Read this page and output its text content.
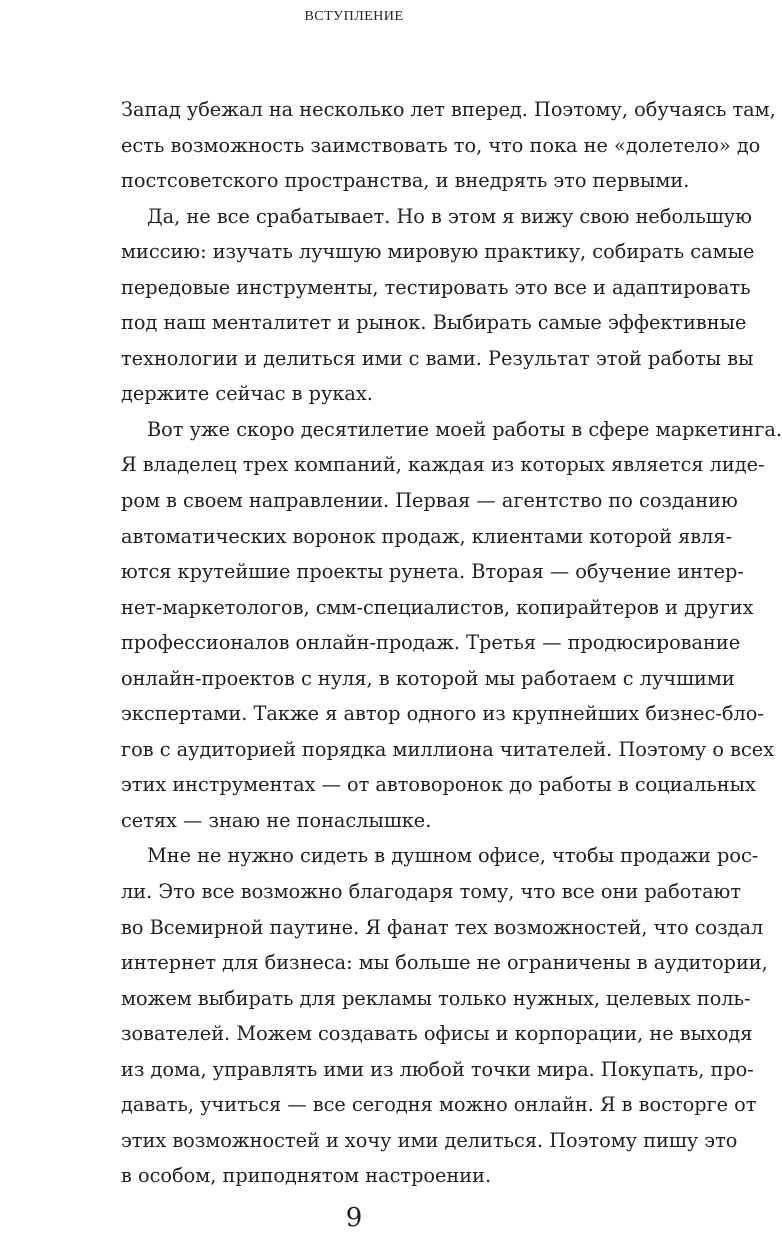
ВСТУПЛЕНИЕ
Запад убежал на несколько лет вперед. Поэтому, обучаясь там,
есть возможность заимствовать то, что пока не «долетело» до
постсоветского пространства, и внедрять это первыми.
Да, не все срабатывает. Но в этом я вижу свою небольшую
миссию: изучать лучшую мировую практику, собирать самые
передовые инструменты, тестировать это все и адаптировать
под наш менталитет и рынок. Выбирать самые эффективные
технологии и делиться ими с вами. Результат этой работы вы
держите сейчас в руках.
Вот уже скоро десятилетие моей работы в сфере маркетинга.
Я владелец трех компаний, каждая из которых является лиде-
ром в своем направлении. Первая — агентство по созданию
автоматических воронок продаж, клиентами которой явля-
ются крутейшие проекты рунета. Вторая — обучение интер-
нет-маркетологов, смм-специалистов, копирайтеров и других
профессионалов онлайн-продаж. Третья — продюсирование
онлайн-проектов с нуля, в которой мы работаем с лучшими
экспертами. Также я автор одного из крупнейших бизнес-бло-
гов с аудиторией порядка миллиона читателей. Поэтому о всех
этих инструментах — от автоворонок до работы в социальных
сетях — знаю не понаслышке.
Мне не нужно сидеть в душном офисе, чтобы продажи рос-
ли. Это все возможно благодаря тому, что все они работают
во Всемирной паутине. Я фанат тех возможностей, что создал
интернет для бизнеса: мы больше не ограничены в аудитории,
можем выбирать для рекламы только нужных, целевых поль-
зователей. Можем создавать офисы и корпорации, не выходя
из дома, управлять ими из любой точки мира. Покупать, про-
давать, учиться — все сегодня можно онлайн. Я в восторге от
этих возможностей и хочу ими делиться. Поэтому пишу это
в особом, приподнятом настроении.
9
